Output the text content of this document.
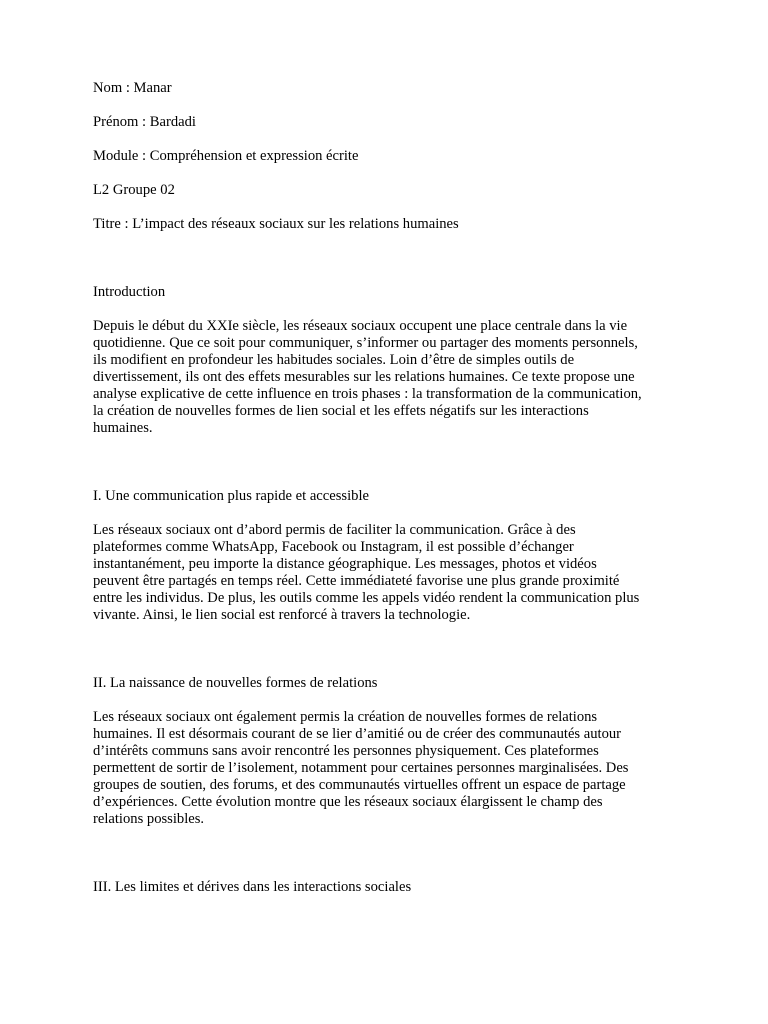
Nom : Manar

Prénom : Bardadi

Module : Compréhension et expression écrite

L2 Groupe 02

Titre : L’impact des réseaux sociaux sur les relations humaines

Introduction

Depuis le début du XXIe siècle, les réseaux sociaux occupent une place centrale dans la vie
quotidienne. Que ce soit pour communiquer, s’informer ou partager des moments personnels,
ils modifient en profondeur les habitudes sociales. Loin d’être de simples outils de
divertissement, ils ont des effets mesurables sur les relations humaines. Ce texte propose une
analyse explicative de cette influence en trois phases : la transformation de la communication,
la création de nouvelles formes de lien social et les effets négatifs sur les interactions
humaines.

I. Une communication plus rapide et accessible

Les réseaux sociaux ont d’abord permis de faciliter la communication. Grâce à des
plateformes comme WhatsApp, Facebook ou Instagram, il est possible d’échanger
instantanément, peu importe la distance géographique. Les messages, photos et vidéos
peuvent être partagés en temps réel. Cette immédiateté favorise une plus grande proximité
entre les individus. De plus, les outils comme les appels vidéo rendent la communication plus
vivante. Ainsi, le lien social est renforcé à travers la technologie.

II. La naissance de nouvelles formes de relations

Les réseaux sociaux ont également permis la création de nouvelles formes de relations
humaines. Il est désormais courant de se lier d’amitié ou de créer des communautés autour
d’intérêts communs sans avoir rencontré les personnes physiquement. Ces plateformes
permettent de sortir de l’isolement, notamment pour certaines personnes marginalisées. Des
groupes de soutien, des forums, et des communautés virtuelles offrent un espace de partage
d’expériences. Cette évolution montre que les réseaux sociaux élargissent le champ des
relations possibles.

III. Les limites et dérives dans les interactions sociales
